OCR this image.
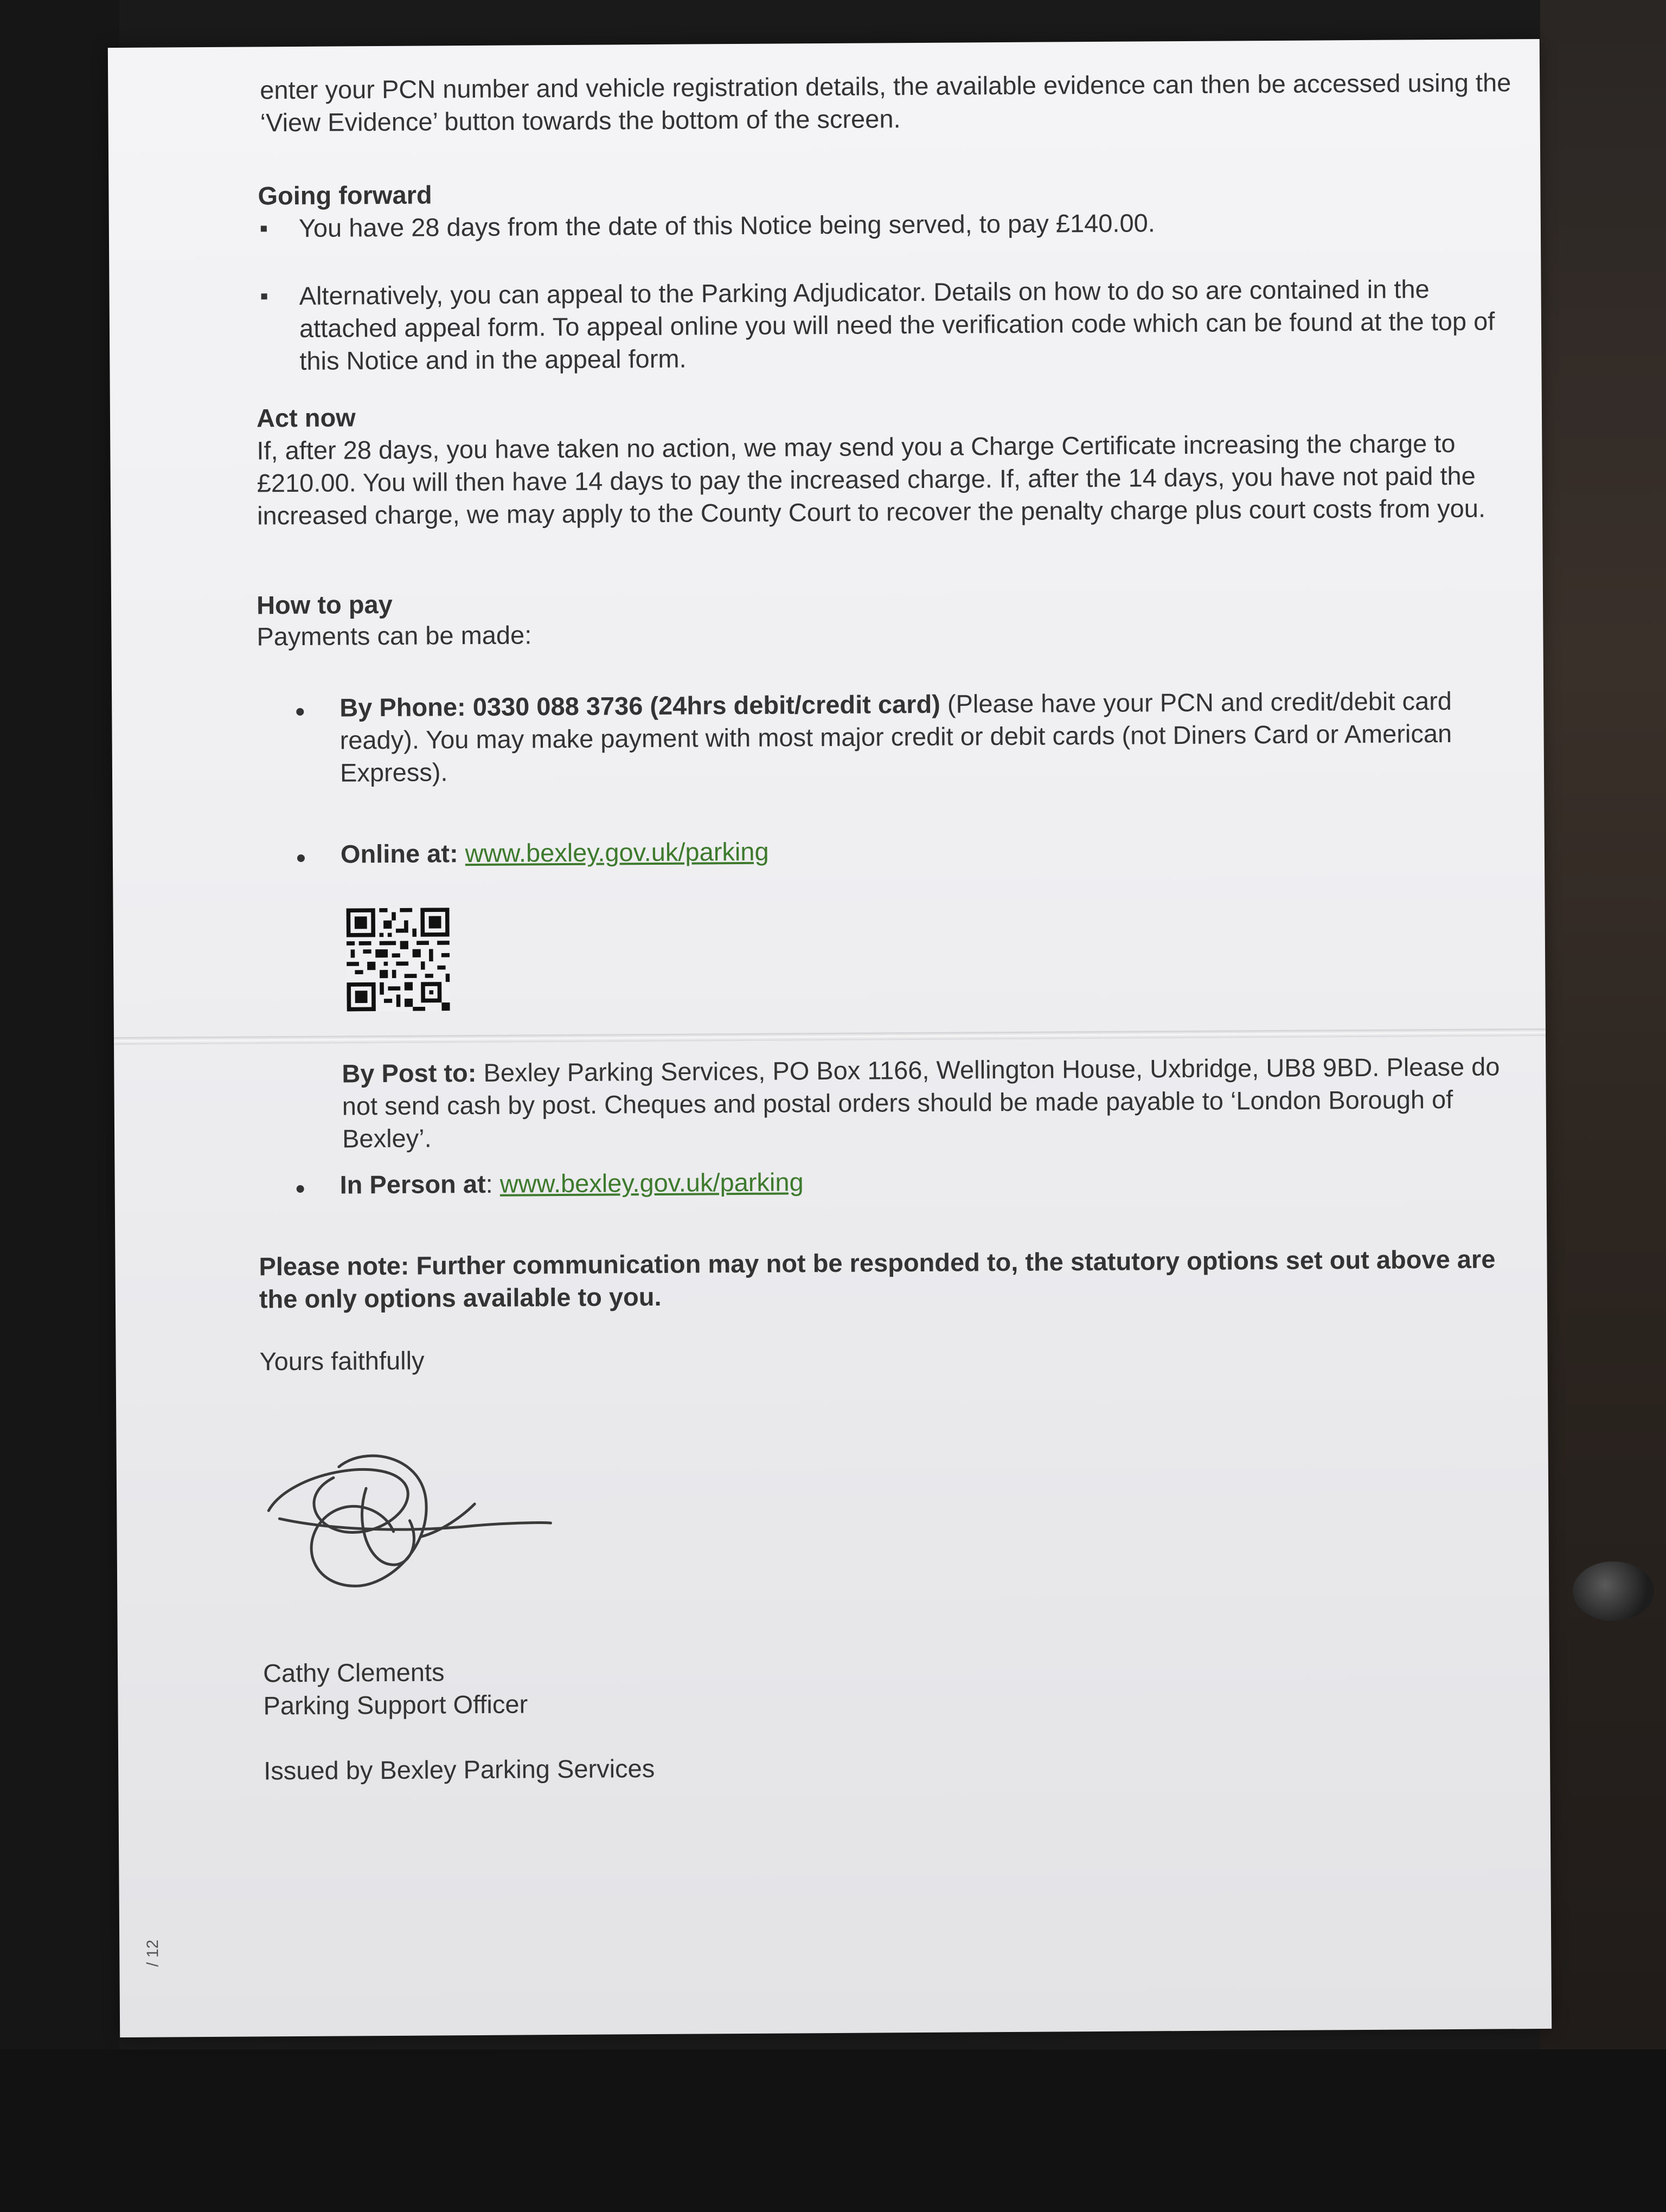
enter your PCN number and vehicle registration details, the available evidence can then be accessed using the ‘View Evidence’ button towards the bottom of the screen.

Going forward

You have 28 days from the date of this Notice being served, to pay £140.00.

Alternatively, you can appeal to the Parking Adjudicator. Details on how to do so are contained in the attached appeal form. To appeal online you will need the verification code which can be found at the top of this Notice and in the appeal form.

Act now

If, after 28 days, you have taken no action, we may send you a Charge Certificate increasing the charge to £210.00. You will then have 14 days to pay the increased charge. If, after the 14 days, you have not paid the increased charge, we may apply to the County Court to recover the penalty charge plus court costs from you.

How to pay

Payments can be made:

By Phone: 0330 088 3736 (24hrs debit/credit card) (Please have your PCN and credit/debit card ready). You may make payment with most major credit or debit cards (not Diners Card or American Express).

Online at: www.bexley.gov.uk/parking

By Post to: Bexley Parking Services, PO Box 1166, Wellington House, Uxbridge, UB8 9BD. Please do not send cash by post. Cheques and postal orders should be made payable to ‘London Borough of Bexley’.

In Person at: www.bexley.gov.uk/parking

Please note: Further communication may not be responded to, the statutory options set out above are the only options available to you.

Yours faithfully

Cathy Clements

Parking Support Officer

Issued by Bexley Parking Services

/ 12
